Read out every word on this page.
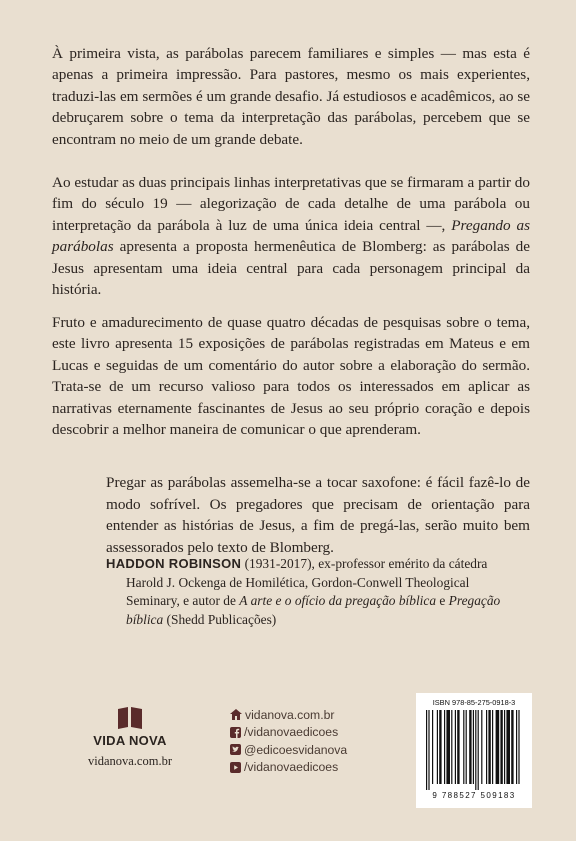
À primeira vista, as parábolas parecem familiares e simples — mas esta é apenas a primeira impressão. Para pastores, mesmo os mais experientes, traduzi-las em sermões é um grande desafio. Já estudiosos e acadêmicos, ao se debruçarem sobre o tema da interpretação das parábolas, percebem que se encontram no meio de um grande debate.

Ao estudar as duas principais linhas interpretativas que se firmaram a partir do fim do século 19 — alegorização de cada detalhe de uma parábola ou interpretação da parábola à luz de uma única ideia central —, Pregando as parábolas apresenta a proposta hermenêutica de Blomberg: as parábolas de Jesus apresentam uma ideia central para cada personagem principal da história.

Fruto e amadurecimento de quase quatro décadas de pesquisas sobre o tema, este livro apresenta 15 exposições de parábolas registradas em Mateus e em Lucas e seguidas de um comentário do autor sobre a elaboração do sermão. Trata-se de um recurso valioso para todos os interessados em aplicar as narrativas eternamente fascinantes de Jesus ao seu próprio coração e depois descobrir a melhor maneira de comunicar o que aprenderam.

Pregar as parábolas assemelha-se a tocar saxofone: é fácil fazê-lo de modo sofrível. Os pregadores que precisam de orientação para entender as histórias de Jesus, a fim de pregá-las, serão muito bem assessorados pelo texto de Blomberg.

HADDON ROBINSON (1931-2017), ex-professor emérito da cátedra
Harold J. Ockenga de Homilética, Gordon-Conwell Theological
Seminary, e autor de A arte e o ofício da pregação bíblica e Pregação
bíblica (Shedd Publicações)

VIDA NOVA
vidanova.com.br
vidanova.com.br
/vidanovaedicoes
@edicoesvidanova
/vidanovaedicoes
ISBN 978-85-275-0918-3
9 788527 509183
